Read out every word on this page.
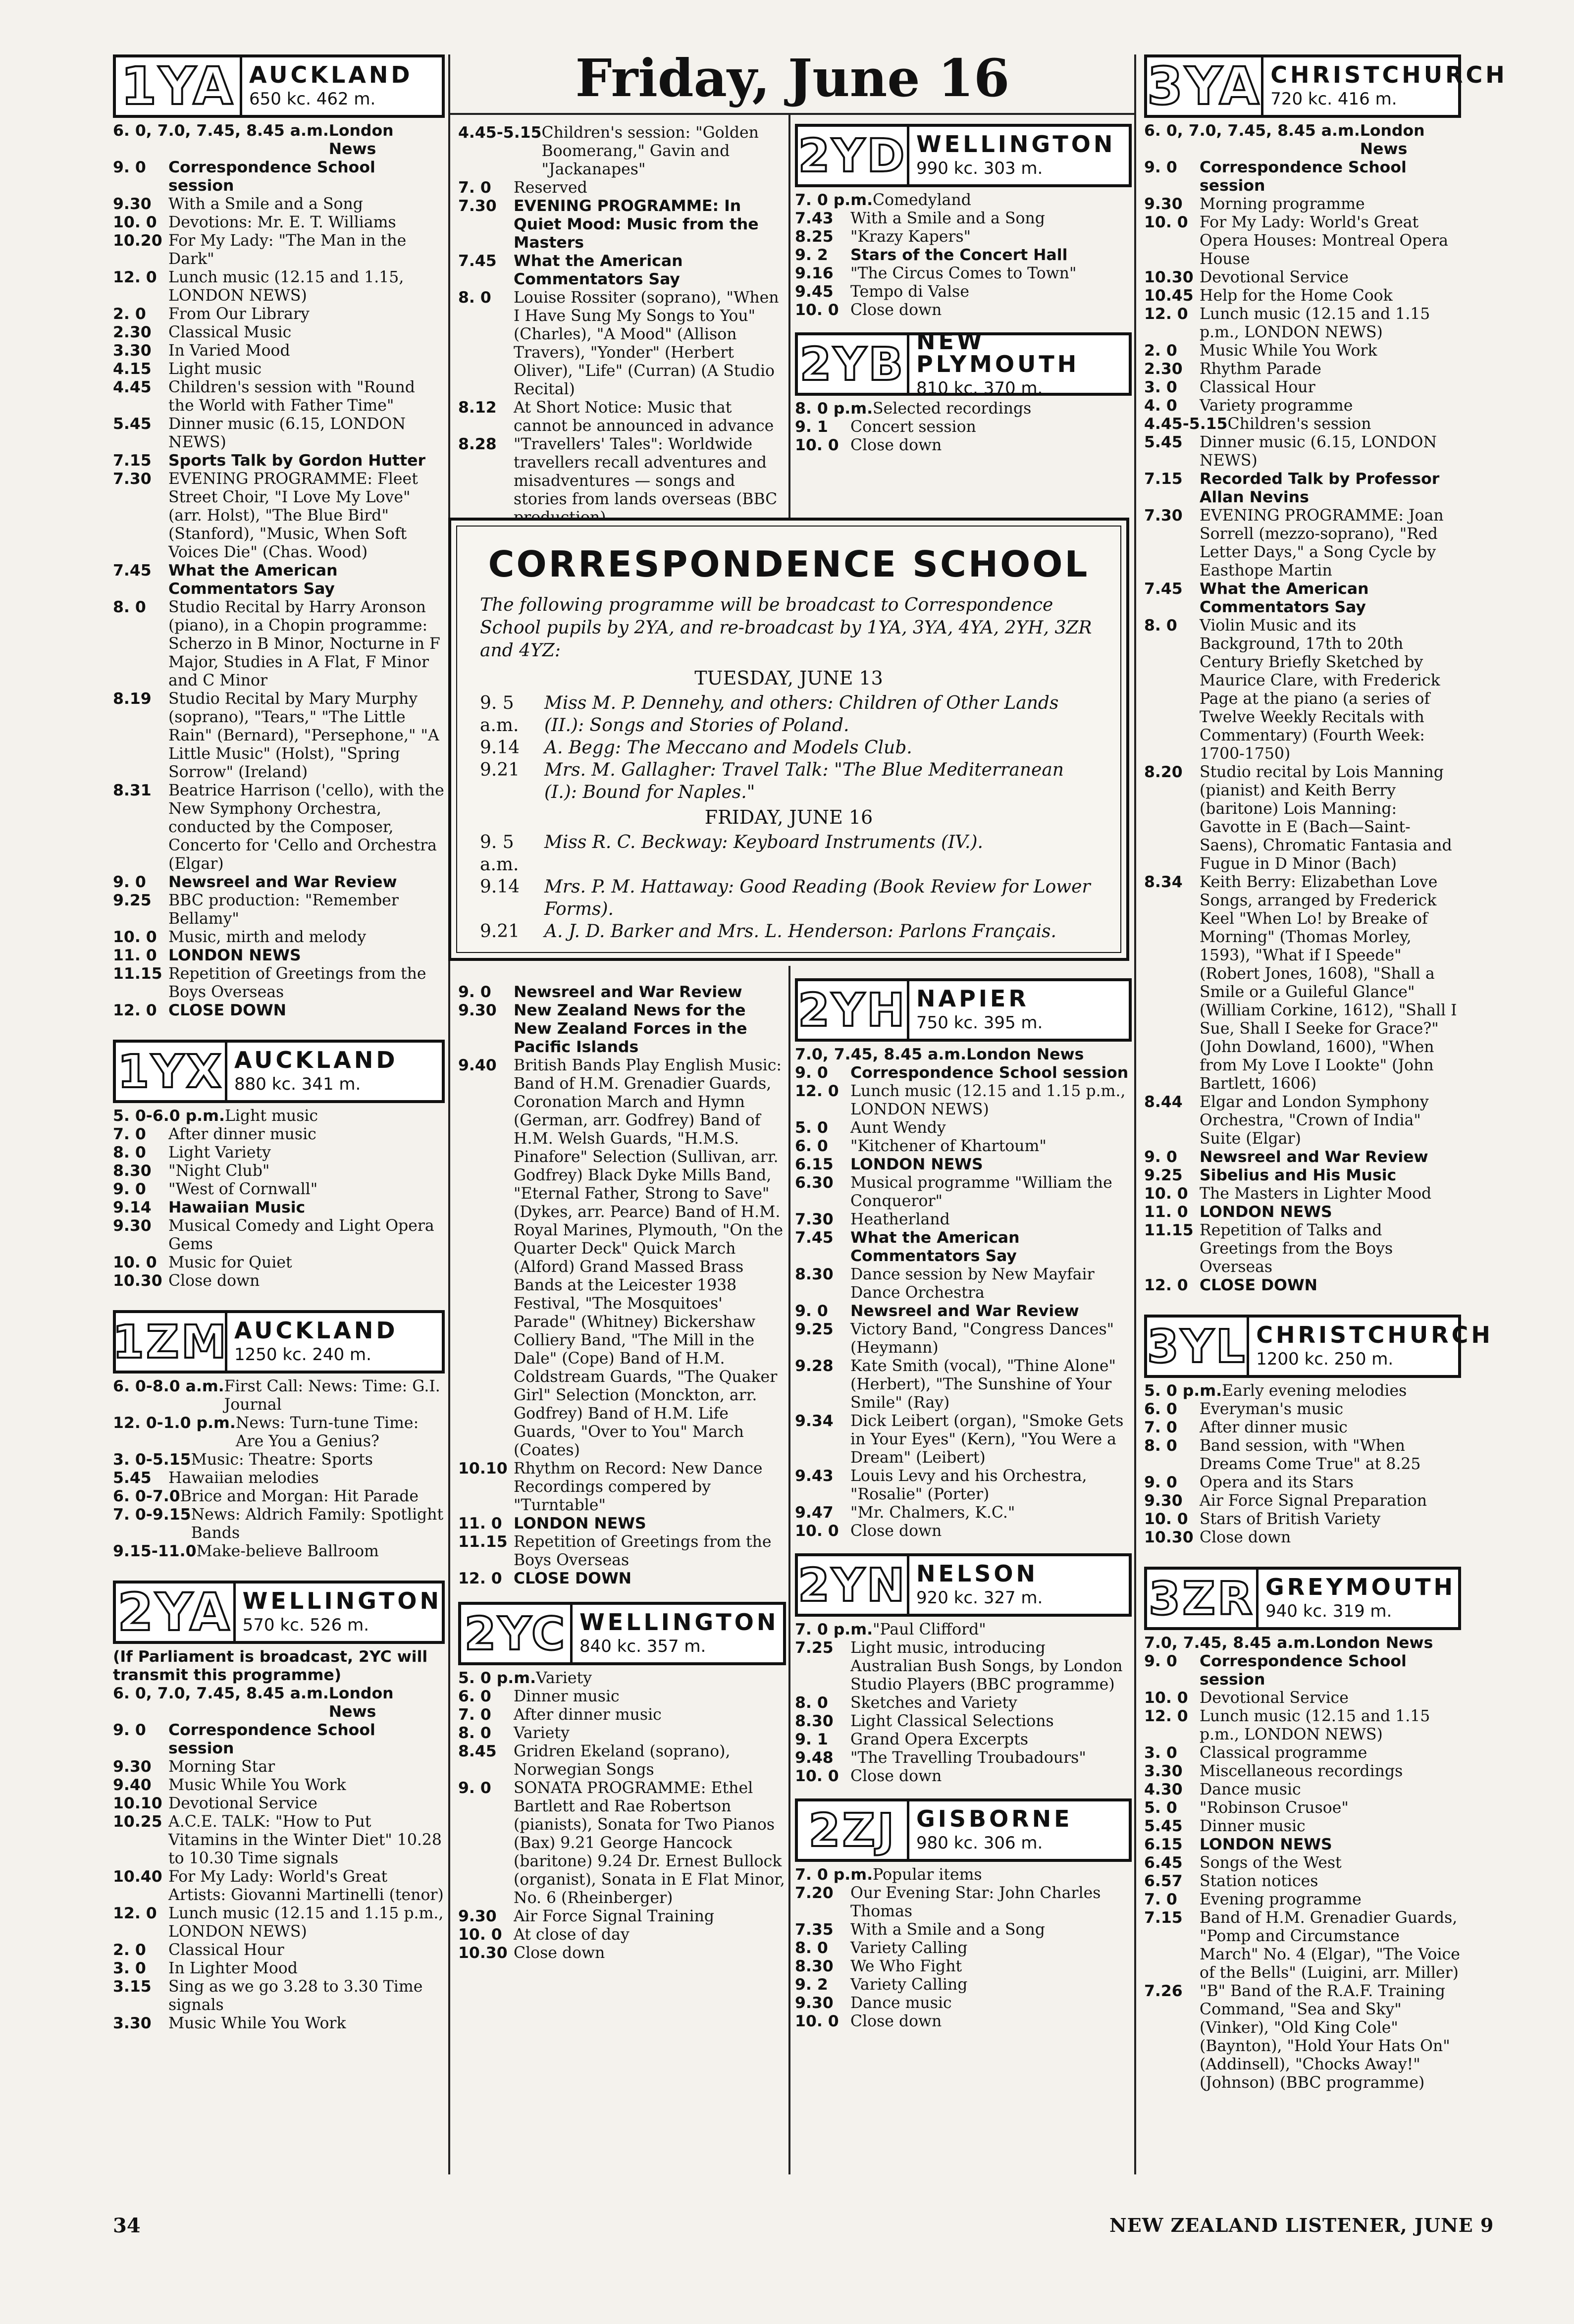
Friday, June 16
1YA AUCKLAND
650 kc. 462 m.
6. 0, 7.0, 7.45, 8.45 a.m. London News
9. 0	Correspondence School session
9.30	With a Smile and a Song
10. 0 Devotions: Mr. E. T. Williams
10.20 For My Lady: "The Man in the Dark"
12. 0 Lunch music (12.15 and 1.15, LONDON NEWS)
2. 0	From Our Library
2.30	Classical Music
3.30	In Varied Mood
4.15	Light music
4.45	Children's session with "Round the World with Father Time"
5.45	Dinner music (6.15, LONDON NEWS)
7.15	Sports Talk by Gordon Hutter
7.30	EVENING PROGRAMME: Fleet Street Choir, "I Love My Love" (arr. Holst), "The Blue Bird" (Stanford), "Music, When Soft Voices Die" (Chas. Wood)
7.45	What the American Commentators Say
8. 0	Studio Recital by Harry Aronson (piano), in a Chopin programme: Scherzo in B Minor, Nocturne in F Major, Studies in A Flat, F Minor and C Minor
8.19	Studio Recital by Mary Murphy (soprano), "Tears," "The Little Rain" (Bernard), "Persephone," "A Little Music" (Holst), "Spring Sorrow" (Ireland)
8.31	Beatrice Harrison ('cello), with the New Symphony Orchestra, conducted by the Composer, Concerto for 'Cello and Orchestra (Elgar)
9. 0	Newsreel and War Review
9.25	BBC production: "Remember Bellamy"
10. 0 Music, mirth and melody
11. 0 LONDON NEWS
11.15 Repetition of Greetings from the Boys Overseas
12. 0 CLOSE DOWN
1YX AUCKLAND
880 kc. 341 m.
5. 0-6.0 p.m. Light music
7. 0	After dinner music
8. 0	Light Variety
8.30	"Night Club"
9. 0	"West of Cornwall"
9.14	Hawaiian Music
9.30	Musical Comedy and Light Opera Gems
10. 0 Music for Quiet
10.30 Close down
1ZM AUCKLAND
1250 kc. 240 m.
6. 0-8.0 a.m. First Call: News: Time: G.I. Journal
12. 0-1.0 p.m. News: Turn-tune Time: Are You a Genius?
3. 0-5.15 Music: Theatre: Sports
5.45	Hawaiian melodies
6. 0-7.0 Brice and Morgan: Hit Parade
7. 0-9.15 News: Aldrich Family: Spotlight Bands
9.15-11.0 Make-believe Ballroom
2YA WELLINGTON
570 kc. 526 m.
(If Parliament is broadcast, 2YC will transmit this programme)
6. 0, 7.0, 7.45, 8.45 a.m. London News
9. 0	Correspondence School session
9.30	Morning Star
9.40	Music While You Work
10.10 Devotional Service
10.25 A.C.E. TALK: "How to Put Vitamins in the Winter Diet" 10.28 to 10.30 Time signals
10.40 For My Lady: World's Great Artists: Giovanni Martinelli (tenor)
12. 0 Lunch music (12.15 and 1.15 p.m., LONDON NEWS)
2. 0	Classical Hour
3. 0	In Lighter Mood
3.15	Sing as we go 3.28 to 3.30 Time signals
3.30	Music While You Work
4.45-5.15 Children's session: "Golden Boomerang," Gavin and "Jackanapes"
7. 0	Reserved
7.30	EVENING PROGRAMME: In Quiet Mood: Music from the Masters
7.45	What the American Commentators Say
8. 0	Louise Rossiter (soprano), "When I Have Sung My Songs to You" (Charles), "A Mood" (Allison Travers), "Yonder" (Herbert Oliver), "Life" (Curran) (A Studio Recital)
8.12	At Short Notice: Music that cannot be announced in advance
8.28	"Travellers' Tales": Worldwide travellers recall adventures and misadventures — songs and stories from lands overseas (BBC
2YD WELLINGTON
990 kc. 303 m.
7. 0 p.m. Comedyland
7.43	With a Smile and a Song
8.25	"Krazy Kapers"
9. 2	Stars of the Concert Hall
9.16	"The Circus Comes to Town"
9.45	Tempo di Valse
10. 0 Close down
2YB NEW PLYMOUTH
810 kc. 370 m.
8. 0 p.m. Selected recordings
9. 1	Concert session
10. 0 Close down
CORRESPONDENCE SCHOOL
The following programme will be broadcast to Correspondence School pupils by 2YA, and re-broadcast by 1YA, 3YA, 4YA, 2YH, 3ZR and 4YZ:
TUESDAY, JUNE 13
9. 5 a.m.
Miss M. P. Dennehy, and others: Children of Other Lands (II.): Songs and Stories of Poland.
9.14	A. Begg: The Meccano and Models Club.
9.21	Mrs. M. Gallagher: Travel Talk: "The Blue Mediterranean (I.): Bound for Naples."
FRIDAY, JUNE 16
9. 5 a.m.
Miss R. C. Beckway: Keyboard Instruments (IV.).
9.14	Mrs. P. M. Hattaway: Good Reading (Book Review for Lower Forms).
9.21	A. J. D. Barker and Mrs. L. Henderson: Parlons Français.
9. 0	Newsreel and War Review
9.30	New Zealand News for the New Zealand Forces in the Pacific Islands
9.40	British Bands Play English Music: Band of H.M. Grenadier Guards, Coronation March and Hymn (German, arr. Godfrey) Band of H.M. Welsh Guards, "H.M.S. Pinafore" Selection (Sullivan, arr. Godfrey) Black Dyke Mills Band, "Eternal Father, Strong to Save" (Dykes, arr. Pearce) Band of H.M. Royal Marines, Plymouth, "On the Quarter Deck" Quick March (Alford) Grand Massed Brass Bands at the Leicester 1938 Festival, "The Mosquitoes' Parade" (Whitney) Bickershaw Colliery Band, "The Mill in the Dale" (Cope) Band of H.M. Coldstream Guards, "The Quaker Girl" Selection (Monckton, arr. Godfrey) Band of H.M. Life Guards, "Over to You" March (Coates)
10.10 Rhythm on Record: New Dance Recordings compered by "Turntable"
11. 0 LONDON NEWS
11.15 Repetition of Greetings from the Boys Overseas
12. 0 CLOSE DOWN
2YC WELLINGTON
840 kc. 357 m.
5. 0 p.m. Variety
6. 0	Dinner music
7. 0	After dinner music
8. 0	Variety
8.45	Gridren Ekeland (soprano), Norwegian Songs
9. 0	SONATA PROGRAMME: Ethel Bartlett and Rae Robertson (pianists), Sonata for Two Pianos (Bax) 9.21 George Hancock (baritone) 9.24 Dr. Ernest Bullock (organist), Sonata in E Flat Minor, No. 6 (Rheinberger)
9.30	Air Force Signal Training
10. 0 At close of day
10.30 Close down
2YH NAPIER
750 kc. 395 m.
7.0, 7.45, 8.45 a.m. London News
9. 0	Correspondence School session
12. 0 Lunch music (12.15 and 1.15 p.m., LONDON NEWS)
5. 0	Aunt Wendy
6. 0	"Kitchener of Khartoum"
6.15	LONDON NEWS
6.30	Musical programme "William the Conqueror"
7.30	Heatherland
7.45	What the American Commentators Say
8.30	Dance session by New Mayfair Dance Orchestra
9. 0	Newsreel and War Review
9.25	Victory Band, "Congress Dances" (Heymann)
9.28	Kate Smith (vocal), "Thine Alone" (Herbert), "The Sunshine of Your Smile" (Ray)
9.34	Dick Leibert (organ), "Smoke Gets in Your Eyes" (Kern), "You Were a Dream" (Leibert)
9.43	Louis Levy and his Orchestra, "Rosalie" (Porter)
9.47	"Mr. Chalmers, K.C."
10. 0 Close down
2YN NELSON
920 kc. 327 m.
7. 0 p.m. "Paul Clifford"
7.25	Light music, introducing Australian Bush Songs, by London Studio Players (BBC programme)
8. 0	Sketches and Variety
8.30	Light Classical Selections
9. 1	Grand Opera Excerpts
9.48	"The Travelling Troubadours"
10. 0 Close down
2ZJ GISBORNE
980 kc. 306 m.
7. 0 p.m. Popular items
7.20	Our Evening Star: John Charles Thomas
7.35	With a Smile and a Song
8. 0	Variety Calling
8.30	We Who Fight
9. 2	Variety Calling
9.30	Dance music
10. 0 Close down
3YA CHRISTCHURCH
720 kc. 416 m.
6. 0, 7.0, 7.45, 8.45 a.m. London News
9. 0	Correspondence School session
9.30	Morning programme
10. 0 For My Lady: World's Great Opera Houses: Montreal Opera House
10.30 Devotional Service
10.45 Help for the Home Cook
12. 0 Lunch music (12.15 and 1.15 p.m., LONDON NEWS)
2. 0	Music While You Work
2.30	Rhythm Parade
3. 0	Classical Hour
4. 0	Variety programme
4.45-5.15 Children's session
5.45	Dinner music (6.15, LONDON NEWS)
7.15	Recorded Talk by Professor Allan Nevins
7.30	EVENING PROGRAMME: Joan Sorrell (mezzo-soprano), "Red Letter Days," a Song Cycle by Easthope Martin
7.45	What the American Commentators Say
8. 0	Violin Music and its Background, 17th to 20th Century Briefly Sketched by Maurice Clare, with Frederick Page at the piano (a series of Twelve Weekly Recitals with Commentary) (Fourth Week: 1700-1750)
8.20	Studio recital by Lois Manning (pianist) and Keith Berry (baritone) Lois Manning: Gavotte in E (Bach—Saint-Saens), Chromatic Fantasia and Fugue in D Minor (Bach)
8.34	Keith Berry: Elizabethan Love Songs, arranged by Frederick Keel "When Lo! by Breake of Morning" (Thomas Morley, 1593), "What if I Speede" (Robert Jones, 1608), "Shall a Smile or a Guileful Glance" (William Corkine, 1612), "Shall I Sue, Shall I Seeke for Grace?" (John Dowland, 1600), "When from My Love I Lookte" (John Bartlett, 1606)
8.44	Elgar and London Symphony Orchestra, "Crown of India" Suite (Elgar)
9. 0	Newsreel and War Review
9.25	Sibelius and His Music
10. 0 The Masters in Lighter Mood
11. 0 LONDON NEWS
11.15 Repetition of Talks and Greetings from the Boys Overseas
12. 0 CLOSE DOWN
3YL CHRISTCHURCH
1200 kc. 250 m.
5. 0 p.m. Early evening melodies
6. 0	Everyman's music
7. 0	After dinner music
8. 0	Band session, with "When Dreams Come True" at 8.25
9. 0	Opera and its Stars
9.30	Air Force Signal Preparation
10. 0 Stars of British Variety
10.30 Close down
3ZR GREYMOUTH
940 kc. 319 m.
7.0, 7.45, 8.45 a.m. London News
9. 0	Correspondence School session
10. 0 Devotional Service
12. 0 Lunch music (12.15 and 1.15 p.m., LONDON NEWS)
3. 0	Classical programme
3.30	Miscellaneous recordings
4.30	Dance music
5. 0	"Robinson Crusoe"
5.45	Dinner music
6.15	LONDON NEWS
6.45	Songs of the West
6.57	Station notices
7. 0	Evening programme
7.15	Band of H.M. Grenadier Guards, "Pomp and Circumstance March" No. 4 (Elgar), "The Voice of the Bells" (Luigini, arr. Miller)
7.26	"B" Band of the R.A.F. Training Command, "Sea and Sky" (Vinker), "Old King Cole" (Baynton), "Hold Your Hats On" (Addinsell), "Chocks Away!" (Johnson) (BBC programme)
34	NEW ZEALAND LISTENER, JUNE 9
